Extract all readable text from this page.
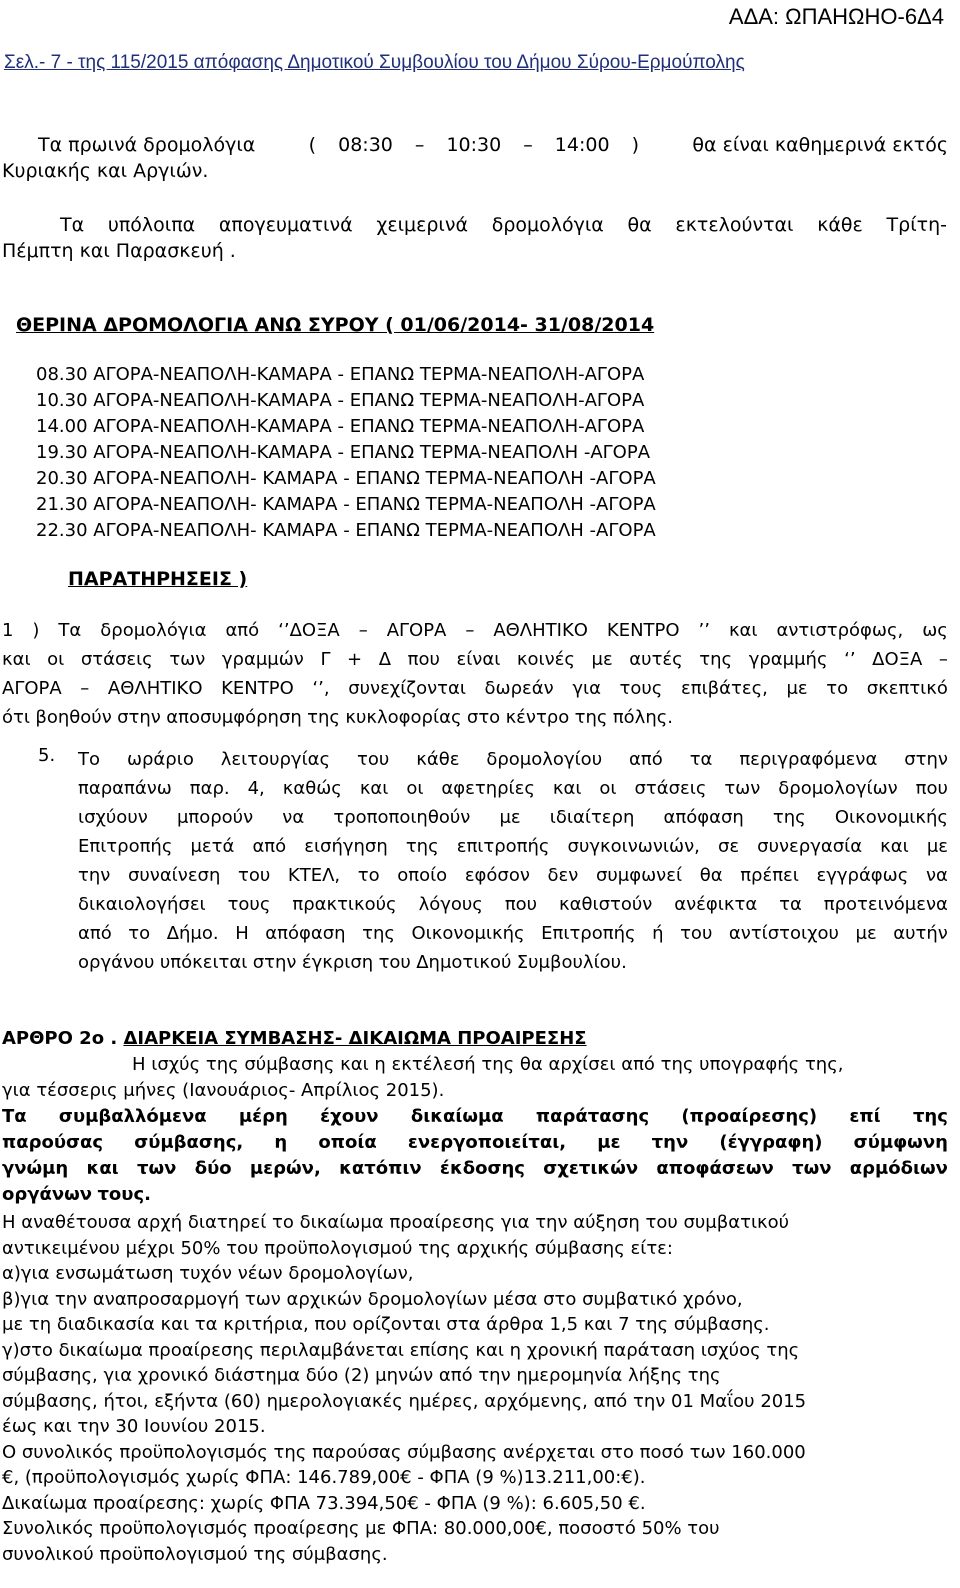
ΑΔΑ: ΩΠΑΗΩΗΟ-6Δ4

Σελ.- 7 - της 115/2015 απόφασης Δημοτικού Συμβουλίου του Δήμου Σύρου-Ερμούπολης

Τα πρωινά δρομολόγια	( 08:30 – 10:30 – 14:00 )	θα είναι καθημερινά εκτός

Κυριακής και Αργιών.

Τα υπόλοιπα απογευματινά χειμερινά δρομολόγια θα εκτελούνται κάθε Τρίτη-

Πέμπτη και Παρασκευή .

ΘΕΡΙΝΑ ΔΡΟΜΟΛΟΓΙΑ ΑΝΩ ΣΥΡΟΥ ( 01/06/2014- 31/08/2014

08.30 ΑΓΟΡΑ-ΝΕΑΠΟΛΗ-ΚΑΜΑΡΑ - ΕΠΑΝΩ ΤΕΡΜΑ-ΝΕΑΠΟΛΗ-ΑΓΟΡΑ
10.30 ΑΓΟΡΑ-ΝΕΑΠΟΛΗ-ΚΑΜΑΡΑ - ΕΠΑΝΩ ΤΕΡΜΑ-ΝΕΑΠΟΛΗ-ΑΓΟΡΑ
14.00 ΑΓΟΡΑ-ΝΕΑΠΟΛΗ-ΚΑΜΑΡΑ - ΕΠΑΝΩ ΤΕΡΜΑ-ΝΕΑΠΟΛΗ-ΑΓΟΡΑ
19.30 ΑΓΟΡΑ-ΝΕΑΠΟΛΗ-ΚΑΜΑΡΑ - ΕΠΑΝΩ ΤΕΡΜΑ-ΝΕΑΠΟΛΗ -ΑΓΟΡΑ
20.30 ΑΓΟΡΑ-ΝΕΑΠΟΛΗ- ΚΑΜΑΡΑ - ΕΠΑΝΩ ΤΕΡΜΑ-ΝΕΑΠΟΛΗ -ΑΓΟΡΑ
21.30 ΑΓΟΡΑ-ΝΕΑΠΟΛΗ- ΚΑΜΑΡΑ - ΕΠΑΝΩ ΤΕΡΜΑ-ΝΕΑΠΟΛΗ -ΑΓΟΡΑ
22.30 ΑΓΟΡΑ-ΝΕΑΠΟΛΗ- ΚΑΜΑΡΑ - ΕΠΑΝΩ ΤΕΡΜΑ-ΝΕΑΠΟΛΗ -ΑΓΟΡΑ

ΠΑΡΑΤΗΡΗΣΕΙΣ )

1 ) Τα δρομολόγια από ‘’ΔΟΞΑ – ΑΓΟΡΑ – ΑΘΛΗΤΙΚΟ ΚΕΝΤΡΟ ’’ και αντιστρόφως, ως
και οι στάσεις των γραμμών Γ + Δ που είναι κοινές με αυτές της γραμμής ‘’ ΔΟΞΑ –
ΑΓΟΡΑ – ΑΘΛΗΤΙΚΟ ΚΕΝΤΡΟ ‘’, συνεχίζονται δωρεάν για τους επιβάτες, με το σκεπτικό
ότι βοηθούν στην αποσυμφόρηση της κυκλοφορίας στο κέντρο της πόλης.
5. Το ωράριο λειτουργίας του κάθε δρομολογίου από τα περιγραφόμενα στην
παραπάνω παρ. 4, καθώς και οι αφετηρίες και οι στάσεις των δρομολογίων που
ισχύουν μπορούν να τροποποιηθούν με ιδιαίτερη απόφαση της Οικονομικής
Επιτροπής μετά από εισήγηση της επιτροπής συγκοινωνιών, σε συνεργασία και με
την συναίνεση του ΚΤΕΛ, το οποίο εφόσον δεν συμφωνεί θα πρέπει εγγράφως να
δικαιολογήσει τους πρακτικούς λόγους που καθιστούν ανέφικτα τα προτεινόμενα
από το Δήμο. Η απόφαση της Οικονομικής Επιτροπής ή του αντίστοιχου με αυτήν
οργάνου υπόκειται στην έγκριση του Δημοτικού Συμβουλίου.

ΑΡΘΡΟ 2ο . ΔΙΑΡΚΕΙΑ ΣΥΜΒΑΣΗΣ- ΔΙΚΑΙΩΜΑ ΠΡΟΑΙΡΕΣΗΣ

Η ισχύς της σύμβασης και η εκτέλεσή της θα αρχίσει από της υπογραφής της,

για τέσσερις μήνες (Ιανουάριος- Απρίλιος 2015).

Τα συμβαλλόμενα μέρη έχουν δικαίωμα παράτασης (προαίρεσης) επί της
παρούσας σύμβασης, η οποία ενεργοποιείται, με την (έγγραφη) σύμφωνη
γνώμη και των δύο μερών, κατόπιν έκδοσης σχετικών αποφάσεων των αρμόδιων
οργάνων τους.
Η αναθέτουσα αρχή διατηρεί το δικαίωμα προαίρεσης για την αύξηση του συμβατικού
αντικειμένου μέχρι 50% του προϋπολογισμού της αρχικής σύμβασης είτε:
α)για ενσωμάτωση τυχόν νέων δρομολογίων,
β)για την αναπροσαρμογή των αρχικών δρομολογίων μέσα στο συμβατικό χρόνο,
με τη διαδικασία και τα κριτήρια, που ορίζονται στα άρθρα 1,5 και 7 της σύμβασης.
γ)στο δικαίωμα προαίρεσης περιλαμβάνεται επίσης και η χρονική παράταση ισχύος της
σύμβασης, για χρονικό διάστημα δύο (2) μηνών από την ημερομηνία λήξης της
σύμβασης, ήτοι, εξήντα (60) ημερολογιακές ημέρες, αρχόμενης, από την 01 Μαΐου 2015
έως και την 30 Ιουνίου 2015.
Ο συνολικός προϋπολογισμός της παρούσας σύμβασης ανέρχεται στο ποσό των 160.000
€, (προϋπολογισμός χωρίς ΦΠΑ: 146.789,00€ - ΦΠΑ (9 %)13.211,00:€).
Δικαίωμα προαίρεσης: χωρίς ΦΠΑ 73.394,50€ - ΦΠΑ (9 %): 6.605,50 €.
Συνολικός προϋπολογισμός προαίρεσης με ΦΠΑ: 80.000,00€, ποσοστό 50% του
συνολικού προϋπολογισμού της σύμβασης.
